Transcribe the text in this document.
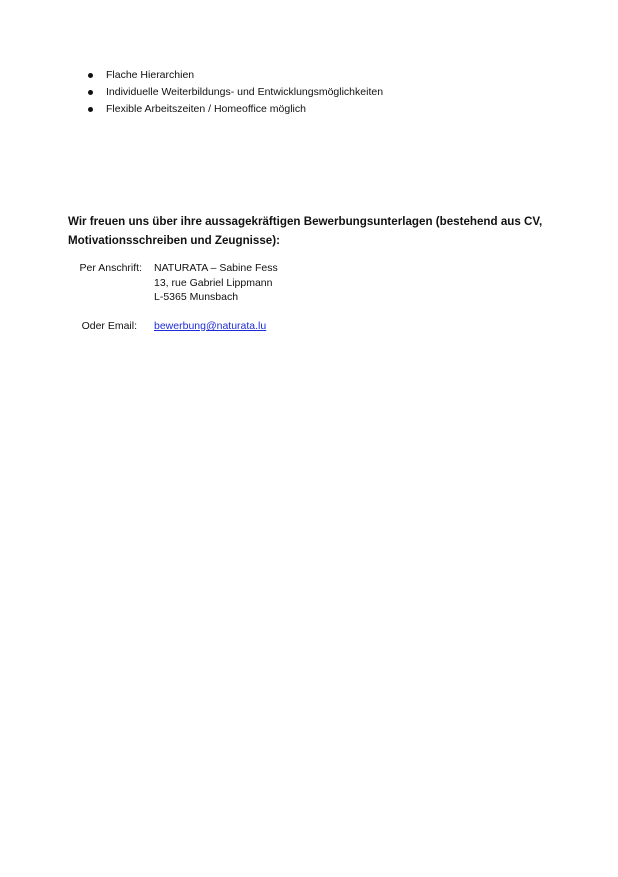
Flache Hierarchien
Individuelle Weiterbildungs- und Entwicklungsmöglichkeiten
Flexible Arbeitszeiten / Homeoffice möglich

Wir freuen uns über ihre aussagekräftigen Bewerbungsunterlagen (bestehend aus CV, Motivationsschreiben und Zeugnisse):

Per Anschrift:
Oder Email:
NATURATA – Sabine Fess
13, rue Gabriel Lippmann
L-5365 Munsbach
bewerbung@naturata.lu
